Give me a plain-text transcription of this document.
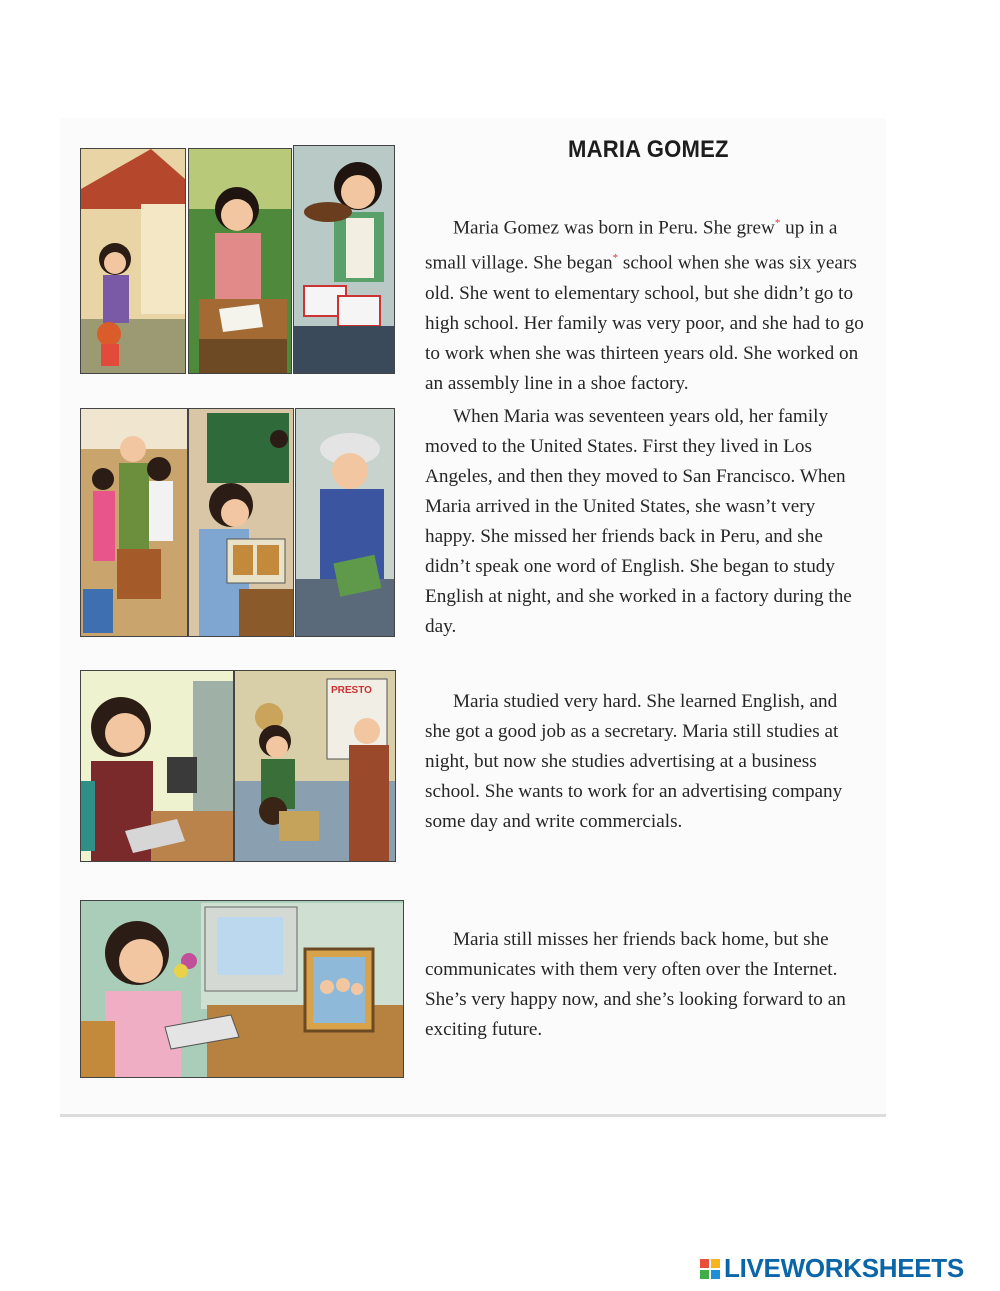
PRESTO
MARIA GOMEZ

Maria Gomez was born in Peru. She grew* up in a small village. She began* school when she was six years old. She went to elementary school, but she didn’t go to high school. Her family was very poor, and she had to go to work when she was thirteen years old. She worked on an assembly line in a shoe factory.

When Maria was seventeen years old, her family moved to the United States. First they lived in Los Angeles, and then they moved to San Francisco. When Maria arrived in the United States, she wasn’t very happy. She missed her friends back in Peru, and she didn’t speak one word of English. She began to study English at night, and she worked in a factory during the day.

Maria studied very hard. She learned English, and she got a good job as a secretary. Maria still studies at night, but now she studies advertising at a business school. She wants to work for an advertising company some day and write commercials.

Maria still misses her friends back home, but she communicates with them very often over the Internet. She’s very happy now, and she’s looking forward to an exciting future.

LIVEWORKSHEETS
